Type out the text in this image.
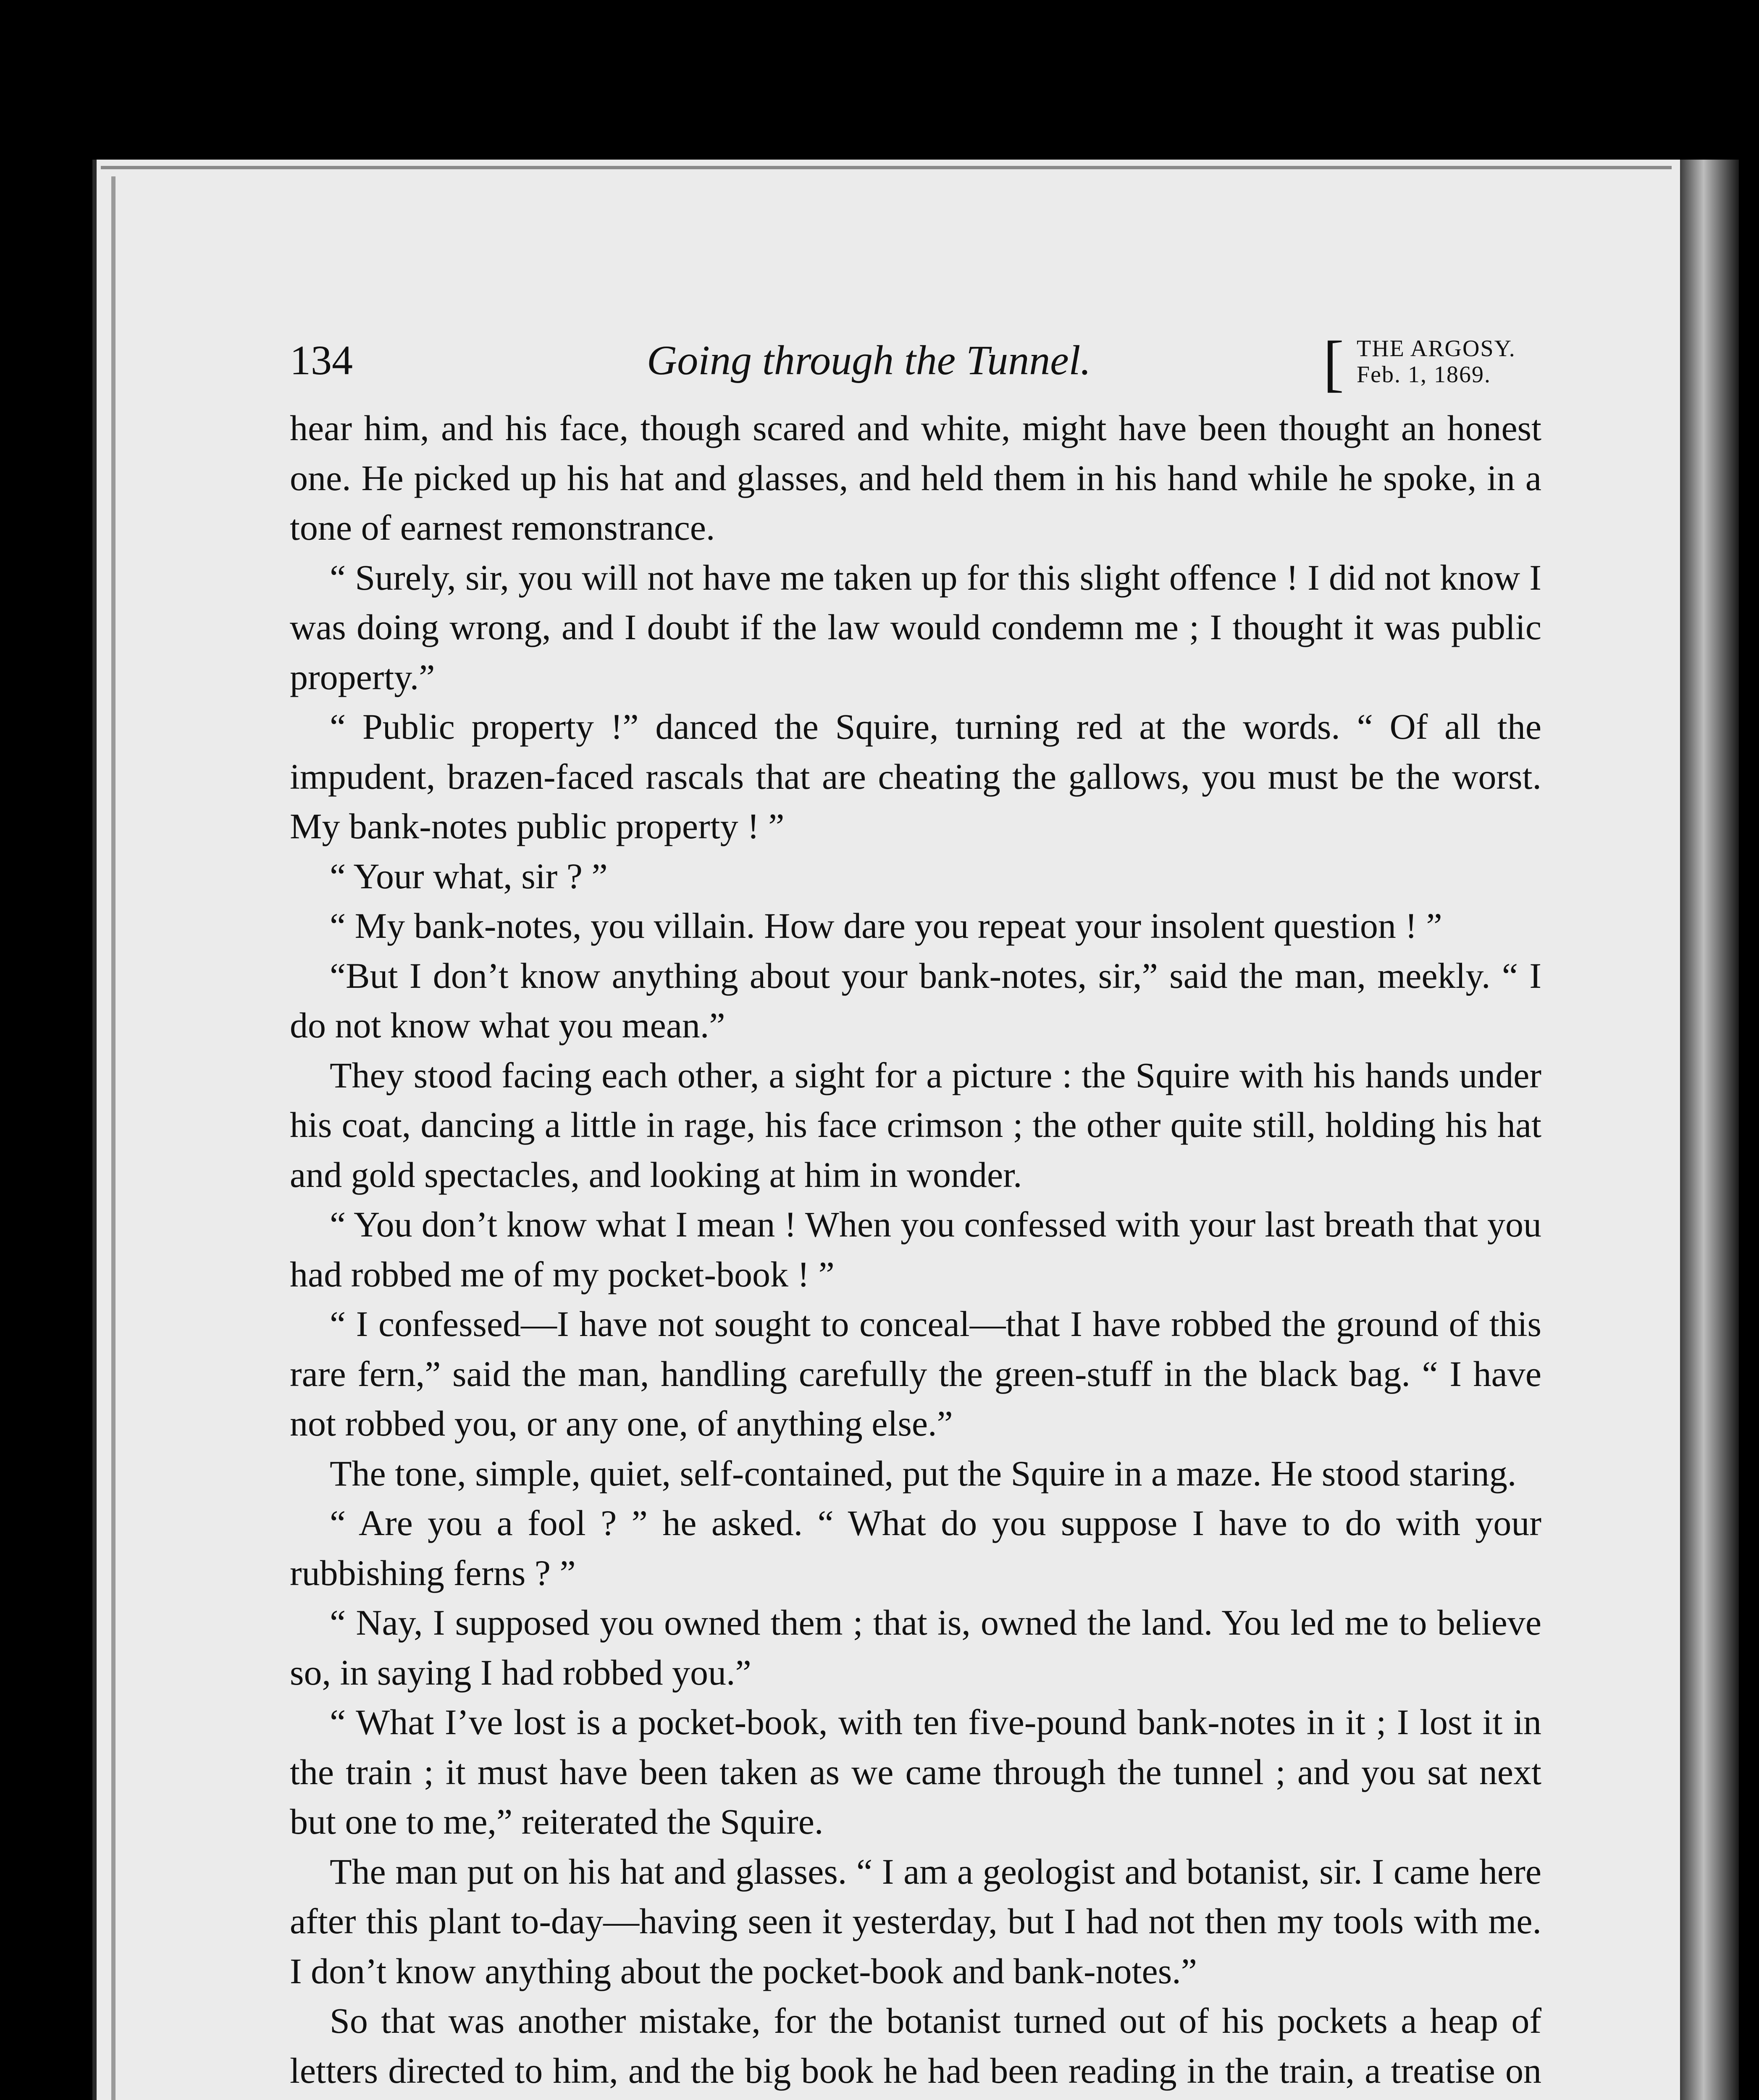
134	Going through the Tunnel.	[ THE ARGOSY.
Feb. 1, 1869.

hear him, and his face, though scared and white, might have been thought an honest one. He picked up his hat and glasses, and held them in his hand while he spoke, in a tone of earnest remonstrance.

“ Surely, sir, you will not have me taken up for this slight offence ! I did not know I was doing wrong, and I doubt if the law would condemn me ; I thought it was public property.”

“ Public property !” danced the Squire, turning red at the words. “ Of all the impudent, brazen-faced rascals that are cheating the gallows, you must be the worst. My bank-notes public property ! ”

“ Your what, sir ? ”

“ My bank-notes, you villain. How dare you repeat your insolent question ! ”

“But I don’t know anything about your bank-notes, sir,” said the man, meekly. “ I do not know what you mean.”

They stood facing each other, a sight for a picture : the Squire with his hands under his coat, dancing a little in rage, his face crimson ; the other quite still, holding his hat and gold spectacles, and looking at him in wonder.

“ You don’t know what I mean ! When you confessed with your last breath that you had robbed me of my pocket-book ! ”

“ I confessed—I have not sought to conceal—that I have robbed the ground of this rare fern,” said the man, handling carefully the green-stuff in the black bag. “ I have not robbed you, or any one, of anything else.”

The tone, simple, quiet, self-contained, put the Squire in a maze. He stood staring.

“ Are you a fool ? ” he asked. “ What do you suppose I have to do with your rubbishing ferns ? ”

“ Nay, I supposed you owned them ; that is, owned the land. You led me to believe so, in saying I had robbed you.”

“ What I’ve lost is a pocket-book, with ten five-pound bank-notes in it ; I lost it in the train ; it must have been taken as we came through the tunnel ; and you sat next but one to me,” reiterated the Squire.

The man put on his hat and glasses. “ I am a geologist and botanist, sir. I came here after this plant to-day—having seen it yesterday, but I had not then my tools with me. I don’t know anything about the pocket-book and bank-notes.”

So that was another mistake, for the botanist turned out of his pockets a heap of letters directed to him, and the big book he had been reading in the train, a treatise on
